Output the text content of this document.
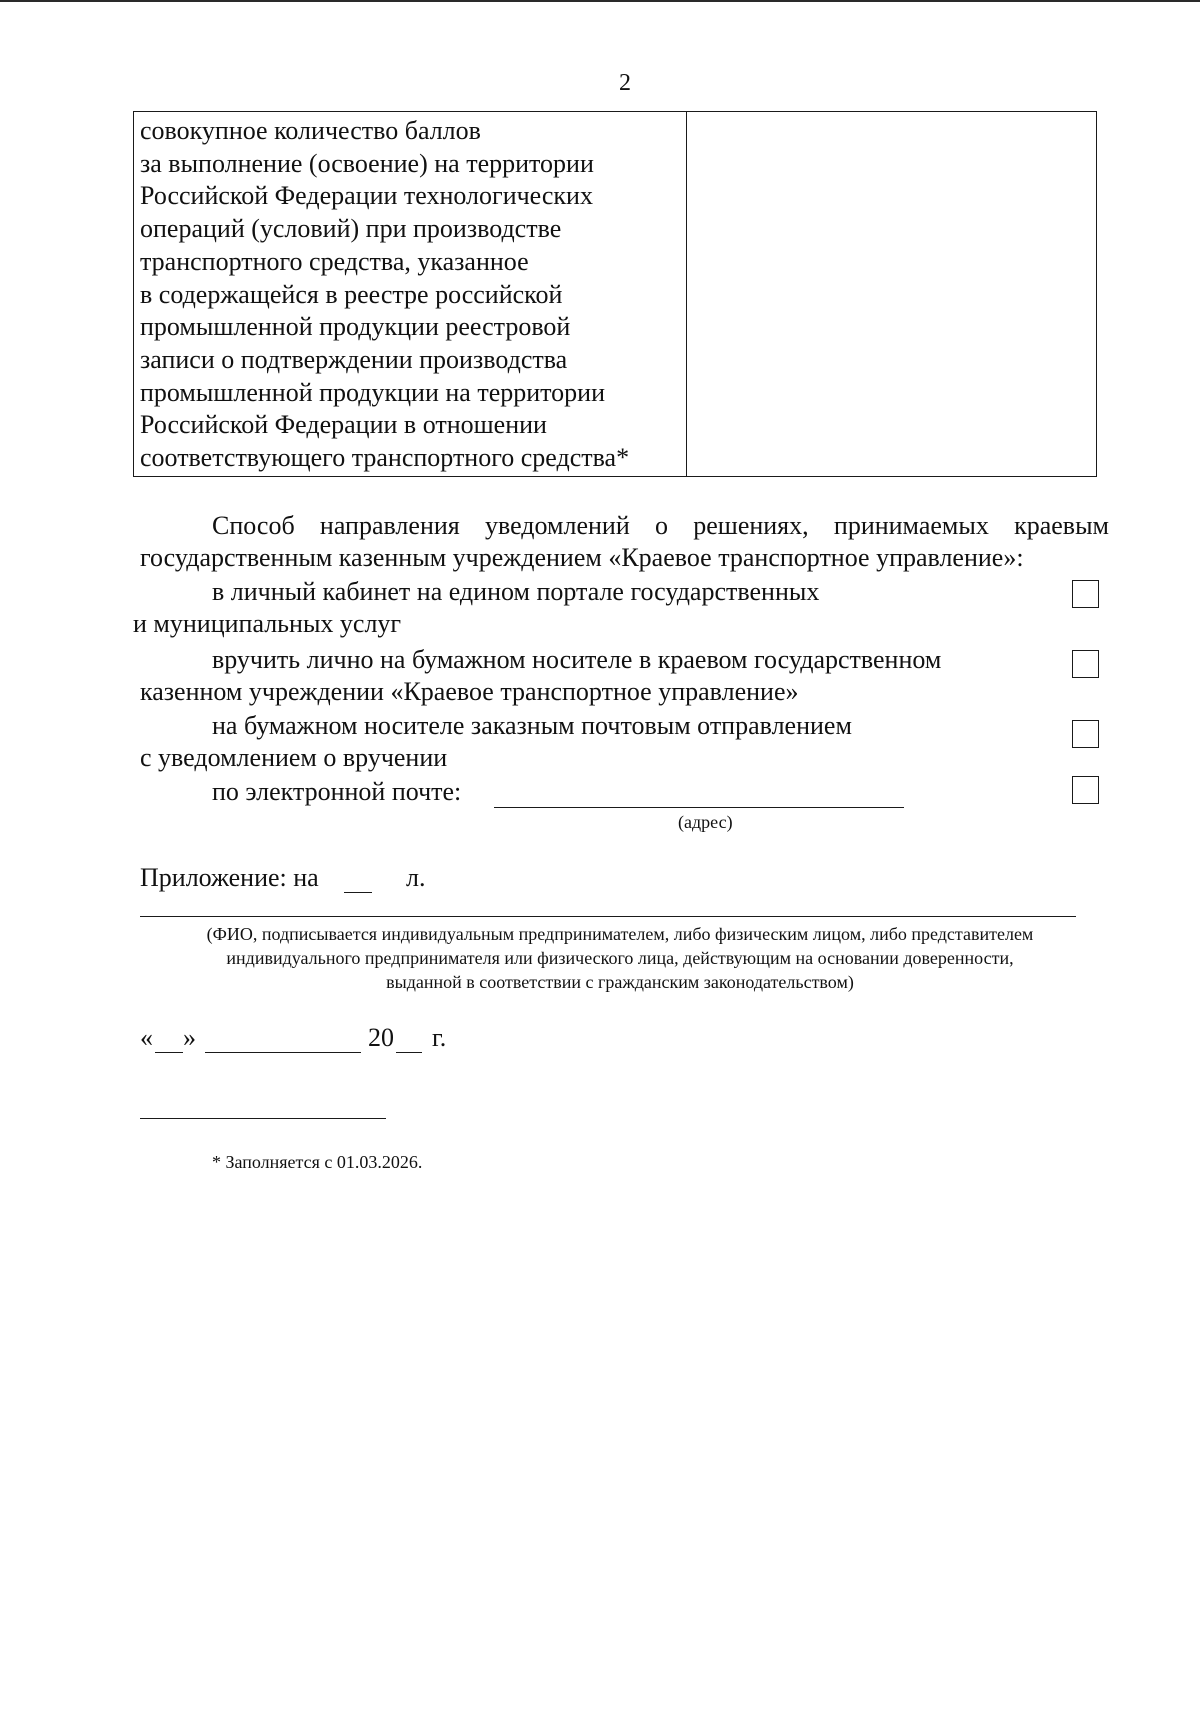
2
совокупное количество баллов
за выполнение (освоение) на территории
Российской Федерации технологических
операций (условий) при производстве
транспортного средства, указанное
в содержащейся в реестре российской
промышленной продукции реестровой
записи о подтверждении производства
промышленной продукции на территории
Российской Федерации в отношении
соответствующего транспортного средства*
Способ направления уведомлений о решениях, принимаемых краевым
государственным казенным учреждением «Краевое транспортное управление»:
в личный кабинет на едином портале государственных
и муниципальных услуг
вручить лично на бумажном носителе в краевом государственном
казенном учреждении «Краевое транспортное управление»
на бумажном носителе заказным почтовым отправлением
с уведомлением о вручении
по электронной почте:
(адрес)
Приложение: на	л.
(ФИО, подписывается индивидуальным предпринимателем, либо физическим лицом, либо представителем
индивидуального предпринимателя или физического лица, действующим на основании доверенности,
выданной в соответствии с гражданским законодательством)
« »	20 г.
* Заполняется с 01.03.2026.
